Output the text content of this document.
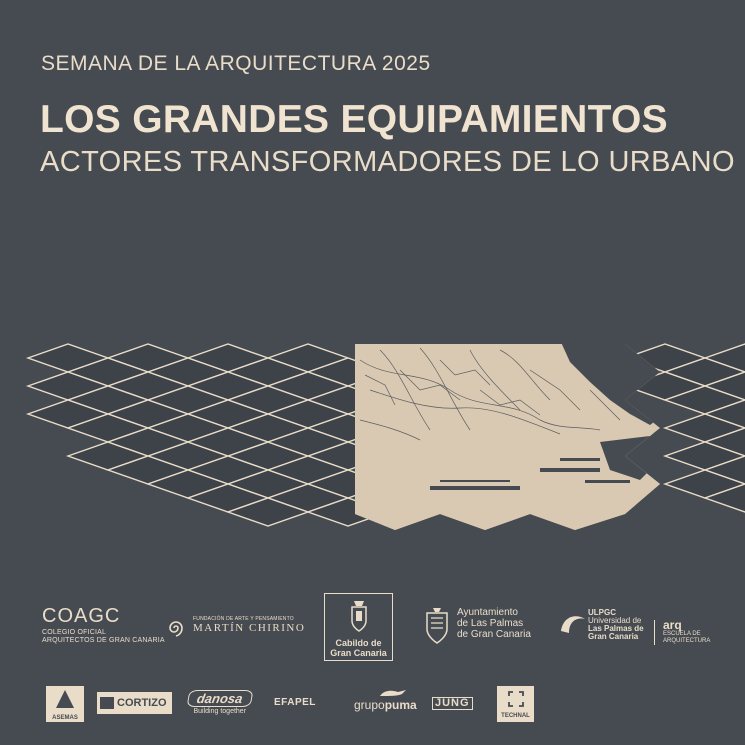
SEMANA DE LA ARQUITECTURA 2025
LOS GRANDES EQUIPAMIENTOS
ACTORES TRANSFORMADORES DE LO URBANO
COAGC
COLEGIO OFICIAL
ARQUITECTOS DE GRAN CANARIA
FUNDACIÓN DE ARTE Y PENSAMIENTO
MARTÍN CHIRINO
Cabildo de
Gran Canaria
Ayuntamiento
de Las Palmas
de Gran Canaria
ULPGC
Universidad de
Las Palmas de
Gran Canaria
arq
ESCUELA DE
ARQUITECTURA
ASEMAS
CORTIZO	danosa
Building together
EFAPEL	grupopuma JUNG
TECHNAL
